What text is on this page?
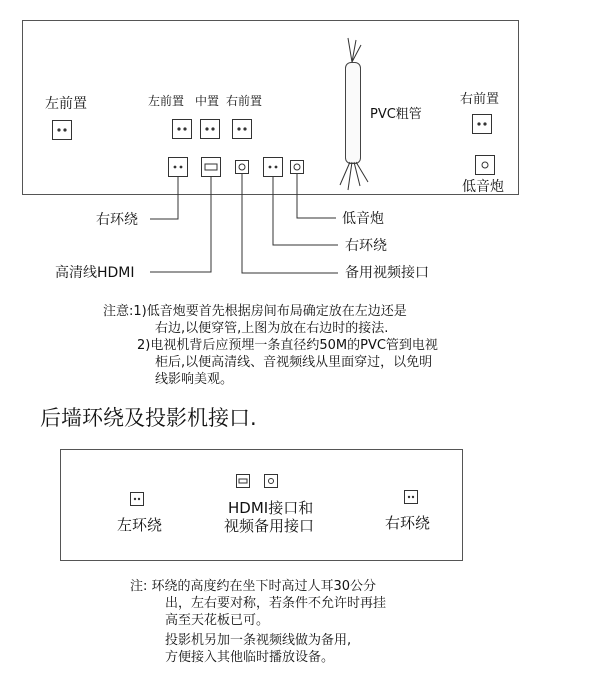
左前置	左前置 中置 右前置
PVC粗管
右前置
低音炮
右环绕	低音炮
右环绕
高清线HDMI	备用视频接口
注意:1)低音炮要首先根据房间布局确定放在左边还是
右边,以便穿管,上图为放在右边时的接法.
2)电视机背后应预埋一条直径约50M的PVC管到电视
柜后,以便高清线、音视频线从里面穿过，以免明
线影响美观。
后墙环绕及投影机接口.
左环绕
HDMI接口和
视频备用接口	右环绕
注: 环绕的高度约在坐下时高过人耳30公分
出，左右要对称，若条件不允许时再挂
高至天花板已可。
投影机另加一条视频线做为备用,
方便接入其他临时播放设备。
